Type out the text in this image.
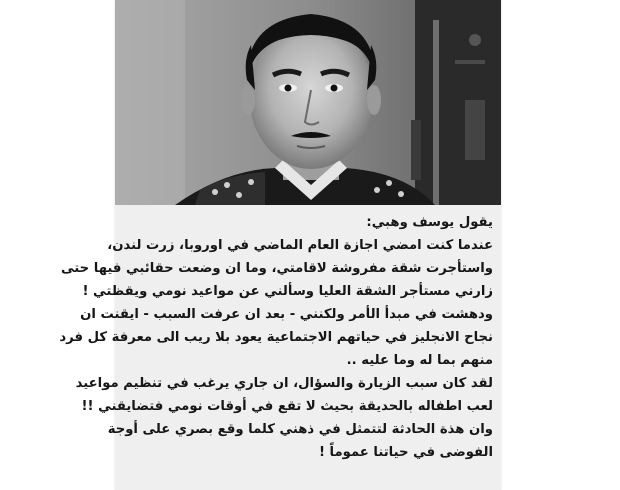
يقول يوسف وهبي:
عندما كنت امضي اجازة العام الماضي في اوروبا، زرت لندن،
واستأجرت شقة مفروشة لاقامتي، وما ان وضعت حقائبي فيها حتى
زارني مستأجر الشقة العليا وسألني عن مواعيد نومي ويقظتي !
ودهشت في مبدأ الأمر ولكنني - بعد ان عرفت السبب - ايقنت ان
نجاح الانجليز في حياتهم الاجتماعية يعود بلا ريب الى معرفة كل فرد
منهم بما له وما عليه ..
لقد كان سبب الزيارة والسؤال، ان جاري يرغب في تنظيم مواعيد
لعب اطفاله بالحديقة بحيث لا تقع في أوقات نومي فتضايقني !!
وان هذة الحادثة لتتمثل في ذهني كلما وقع بصري على أوجة
الفوضى في حياتنا عموماً !
